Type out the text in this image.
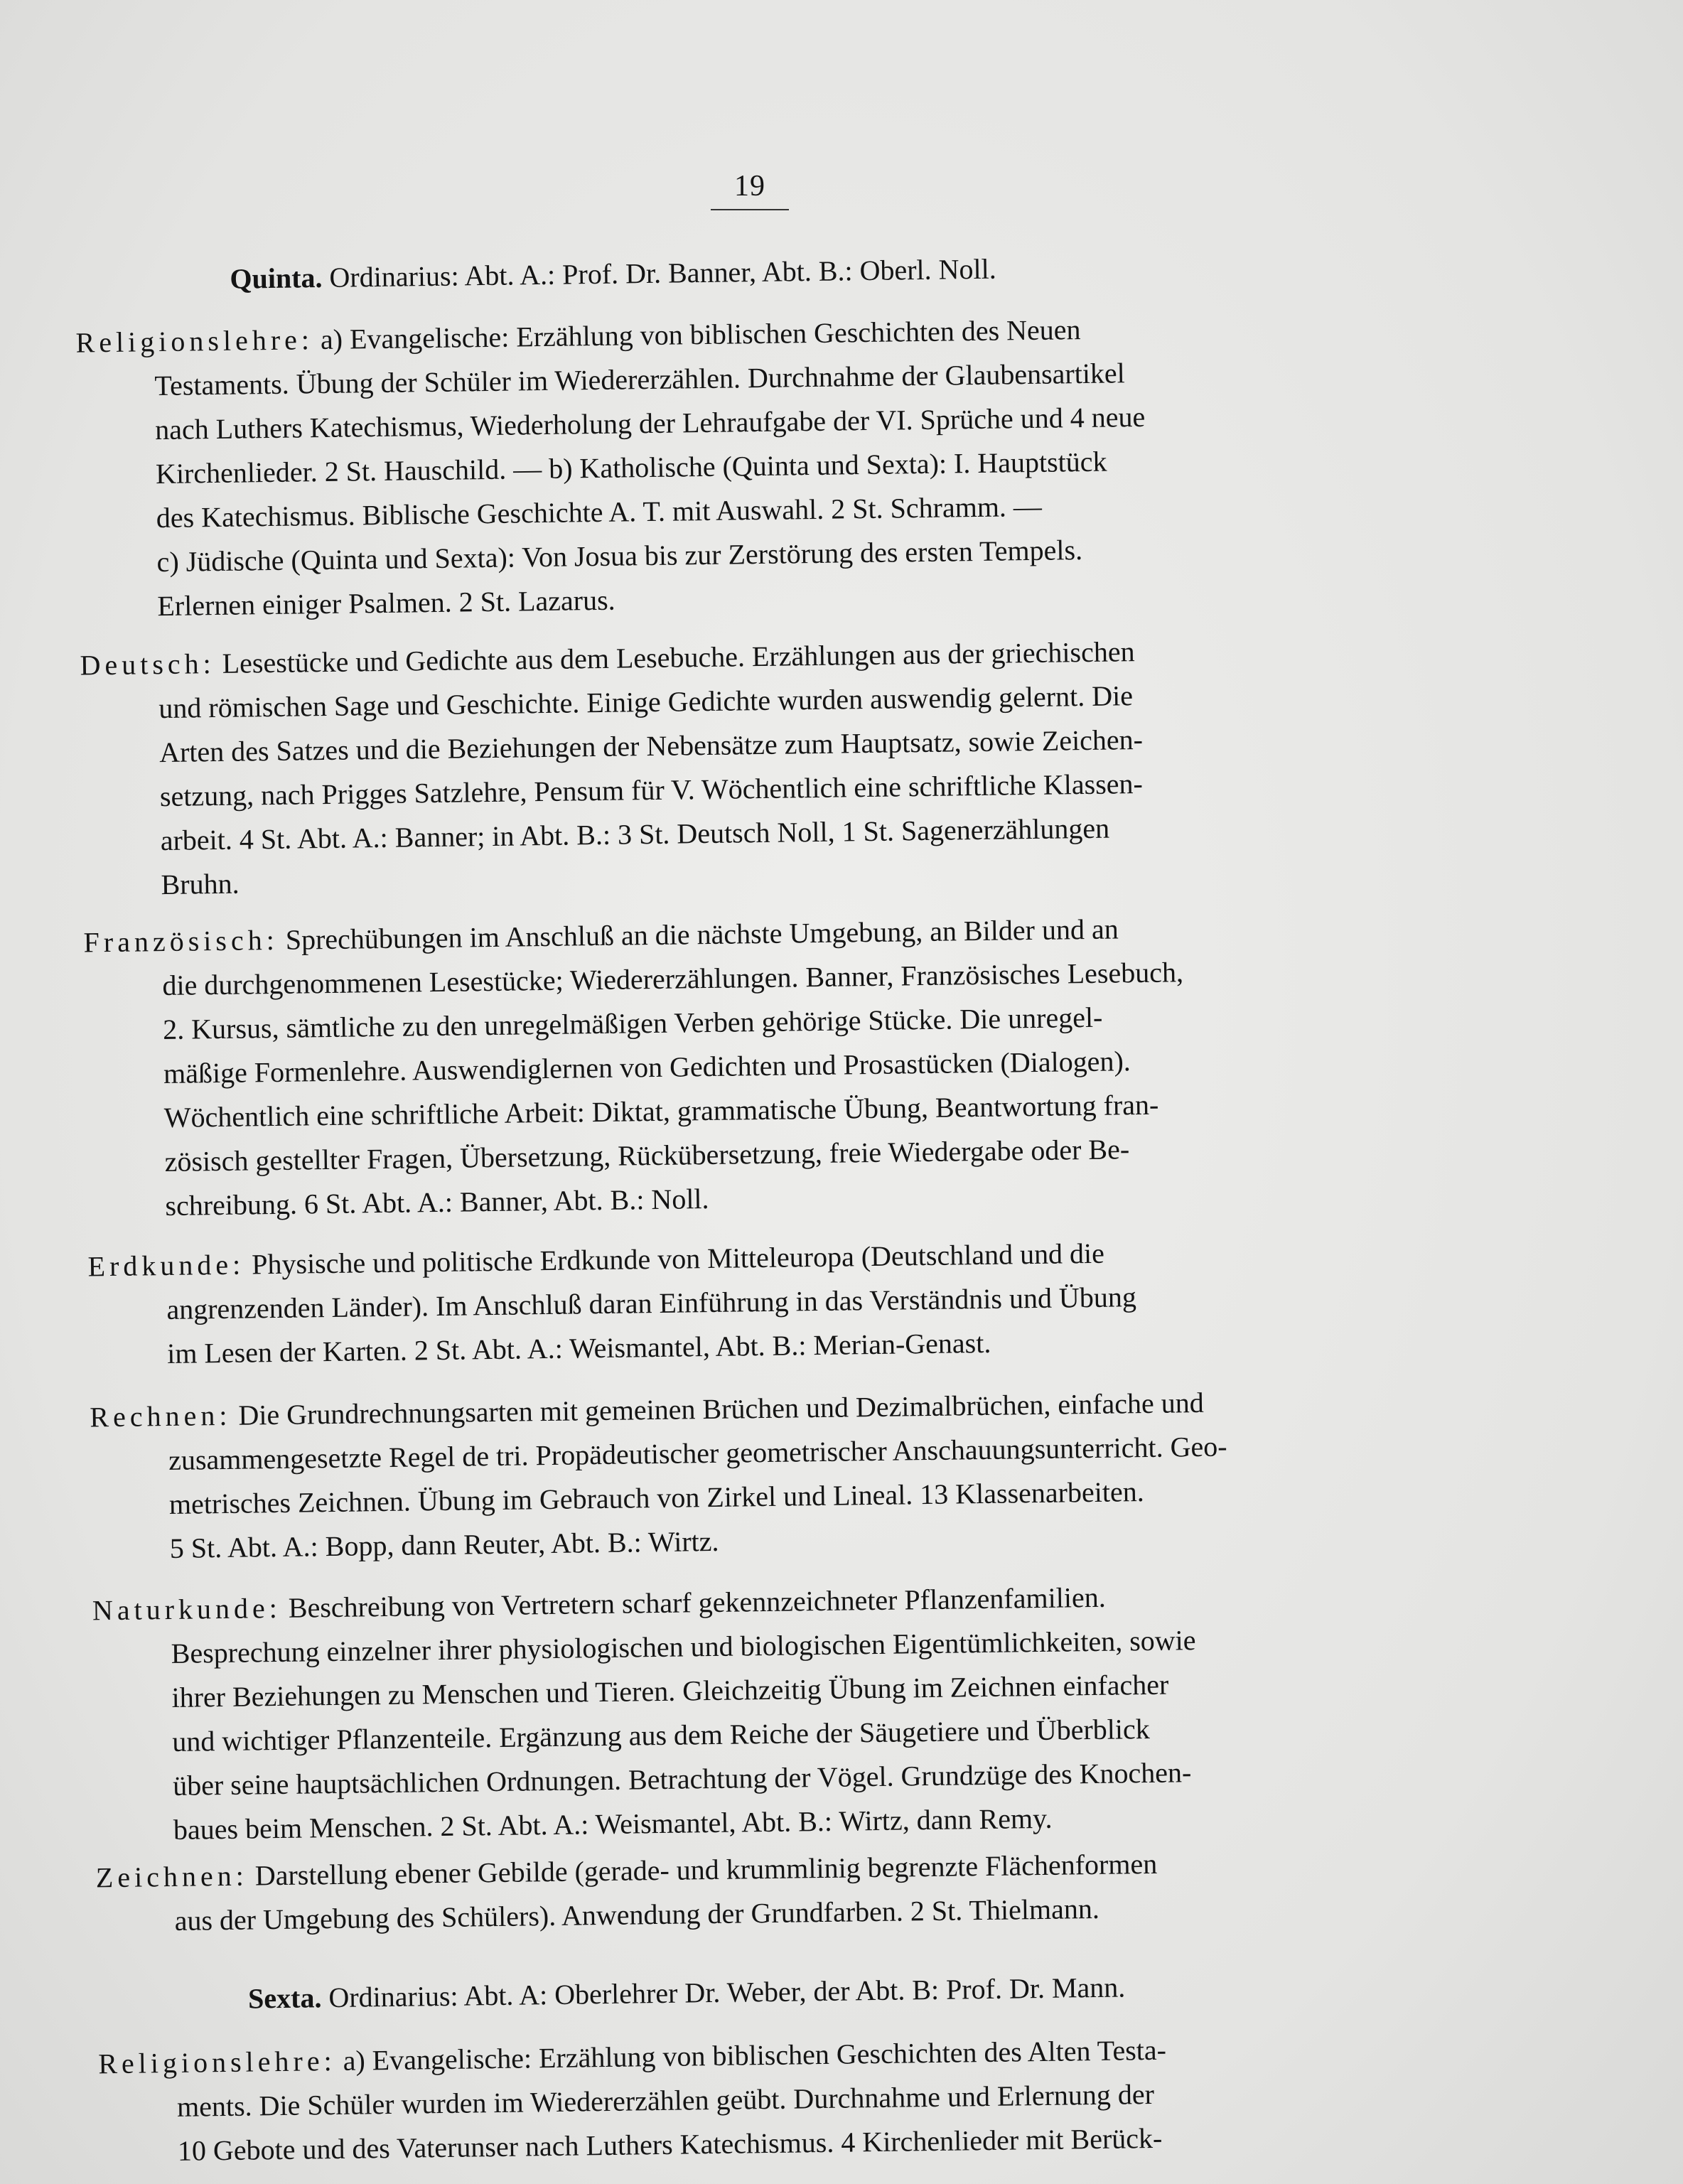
19
Quinta. Ordinarius: Abt. A.: Prof. Dr. Banner, Abt. B.: Oberl. Noll.
Religionslehre: a) Evangelische: Erzählung von biblischen Geschichten des Neuen
Testaments. Übung der Schüler im Wiedererzählen. Durchnahme der Glaubensartikel
nach Luthers Katechismus, Wiederholung der Lehraufgabe der VI. Sprüche und 4 neue
Kirchenlieder. 2 St. Hauschild. — b) Katholische (Quinta und Sexta): I. Hauptstück
des Katechismus. Biblische Geschichte A. T. mit Auswahl. 2 St. Schramm. —
c) Jüdische (Quinta und Sexta): Von Josua bis zur Zerstörung des ersten Tempels.
Erlernen einiger Psalmen. 2 St. Lazarus.
Deutsch: Lesestücke und Gedichte aus dem Lesebuche. Erzählungen aus der griechischen
und römischen Sage und Geschichte. Einige Gedichte wurden auswendig gelernt. Die
Arten des Satzes und die Beziehungen der Nebensätze zum Hauptsatz, sowie Zeichen-
setzung, nach Prigges Satzlehre, Pensum für V. Wöchentlich eine schriftliche Klassen-
arbeit. 4 St. Abt. A.: Banner; in Abt. B.: 3 St. Deutsch Noll, 1 St. Sagenerzählungen
Bruhn.
Französisch: Sprechübungen im Anschluß an die nächste Umgebung, an Bilder und an
die durchgenommenen Lesestücke; Wiedererzählungen. Banner, Französisches Lesebuch,
2. Kursus, sämtliche zu den unregelmäßigen Verben gehörige Stücke. Die unregel-
mäßige Formenlehre. Auswendiglernen von Gedichten und Prosastücken (Dialogen).
Wöchentlich eine schriftliche Arbeit: Diktat, grammatische Übung, Beantwortung fran-
zösisch gestellter Fragen, Übersetzung, Rückübersetzung, freie Wiedergabe oder Be-
schreibung. 6 St. Abt. A.: Banner, Abt. B.: Noll.
Erdkunde: Physische und politische Erdkunde von Mitteleuropa (Deutschland und die
angrenzenden Länder). Im Anschluß daran Einführung in das Verständnis und Übung
im Lesen der Karten. 2 St. Abt. A.: Weismantel, Abt. B.: Merian-Genast.
Rechnen: Die Grundrechnungsarten mit gemeinen Brüchen und Dezimalbrüchen, einfache und
zusammengesetzte Regel de tri. Propädeutischer geometrischer Anschauungsunterricht. Geo-
metrisches Zeichnen. Übung im Gebrauch von Zirkel und Lineal. 13 Klassenarbeiten.
5 St. Abt. A.: Bopp, dann Reuter, Abt. B.: Wirtz.
Naturkunde: Beschreibung von Vertretern scharf gekennzeichneter Pflanzenfamilien.
Besprechung einzelner ihrer physiologischen und biologischen Eigentümlichkeiten, sowie
ihrer Beziehungen zu Menschen und Tieren. Gleichzeitig Übung im Zeichnen einfacher
und wichtiger Pflanzenteile. Ergänzung aus dem Reiche der Säugetiere und Überblick
über seine hauptsächlichen Ordnungen. Betrachtung der Vögel. Grundzüge des Knochen-
baues beim Menschen. 2 St. Abt. A.: Weismantel, Abt. B.: Wirtz, dann Remy.
Zeichnen: Darstellung ebener Gebilde (gerade- und krummlinig begrenzte Flächenformen
aus der Umgebung des Schülers). Anwendung der Grundfarben. 2 St. Thielmann.
Sexta. Ordinarius: Abt. A: Oberlehrer Dr. Weber, der Abt. B: Prof. Dr. Mann.
Religionslehre: a) Evangelische: Erzählung von biblischen Geschichten des Alten Testa-
ments. Die Schüler wurden im Wiedererzählen geübt. Durchnahme und Erlernung der
10 Gebote und des Vaterunser nach Luthers Katechismus. 4 Kirchenlieder mit Berück-
